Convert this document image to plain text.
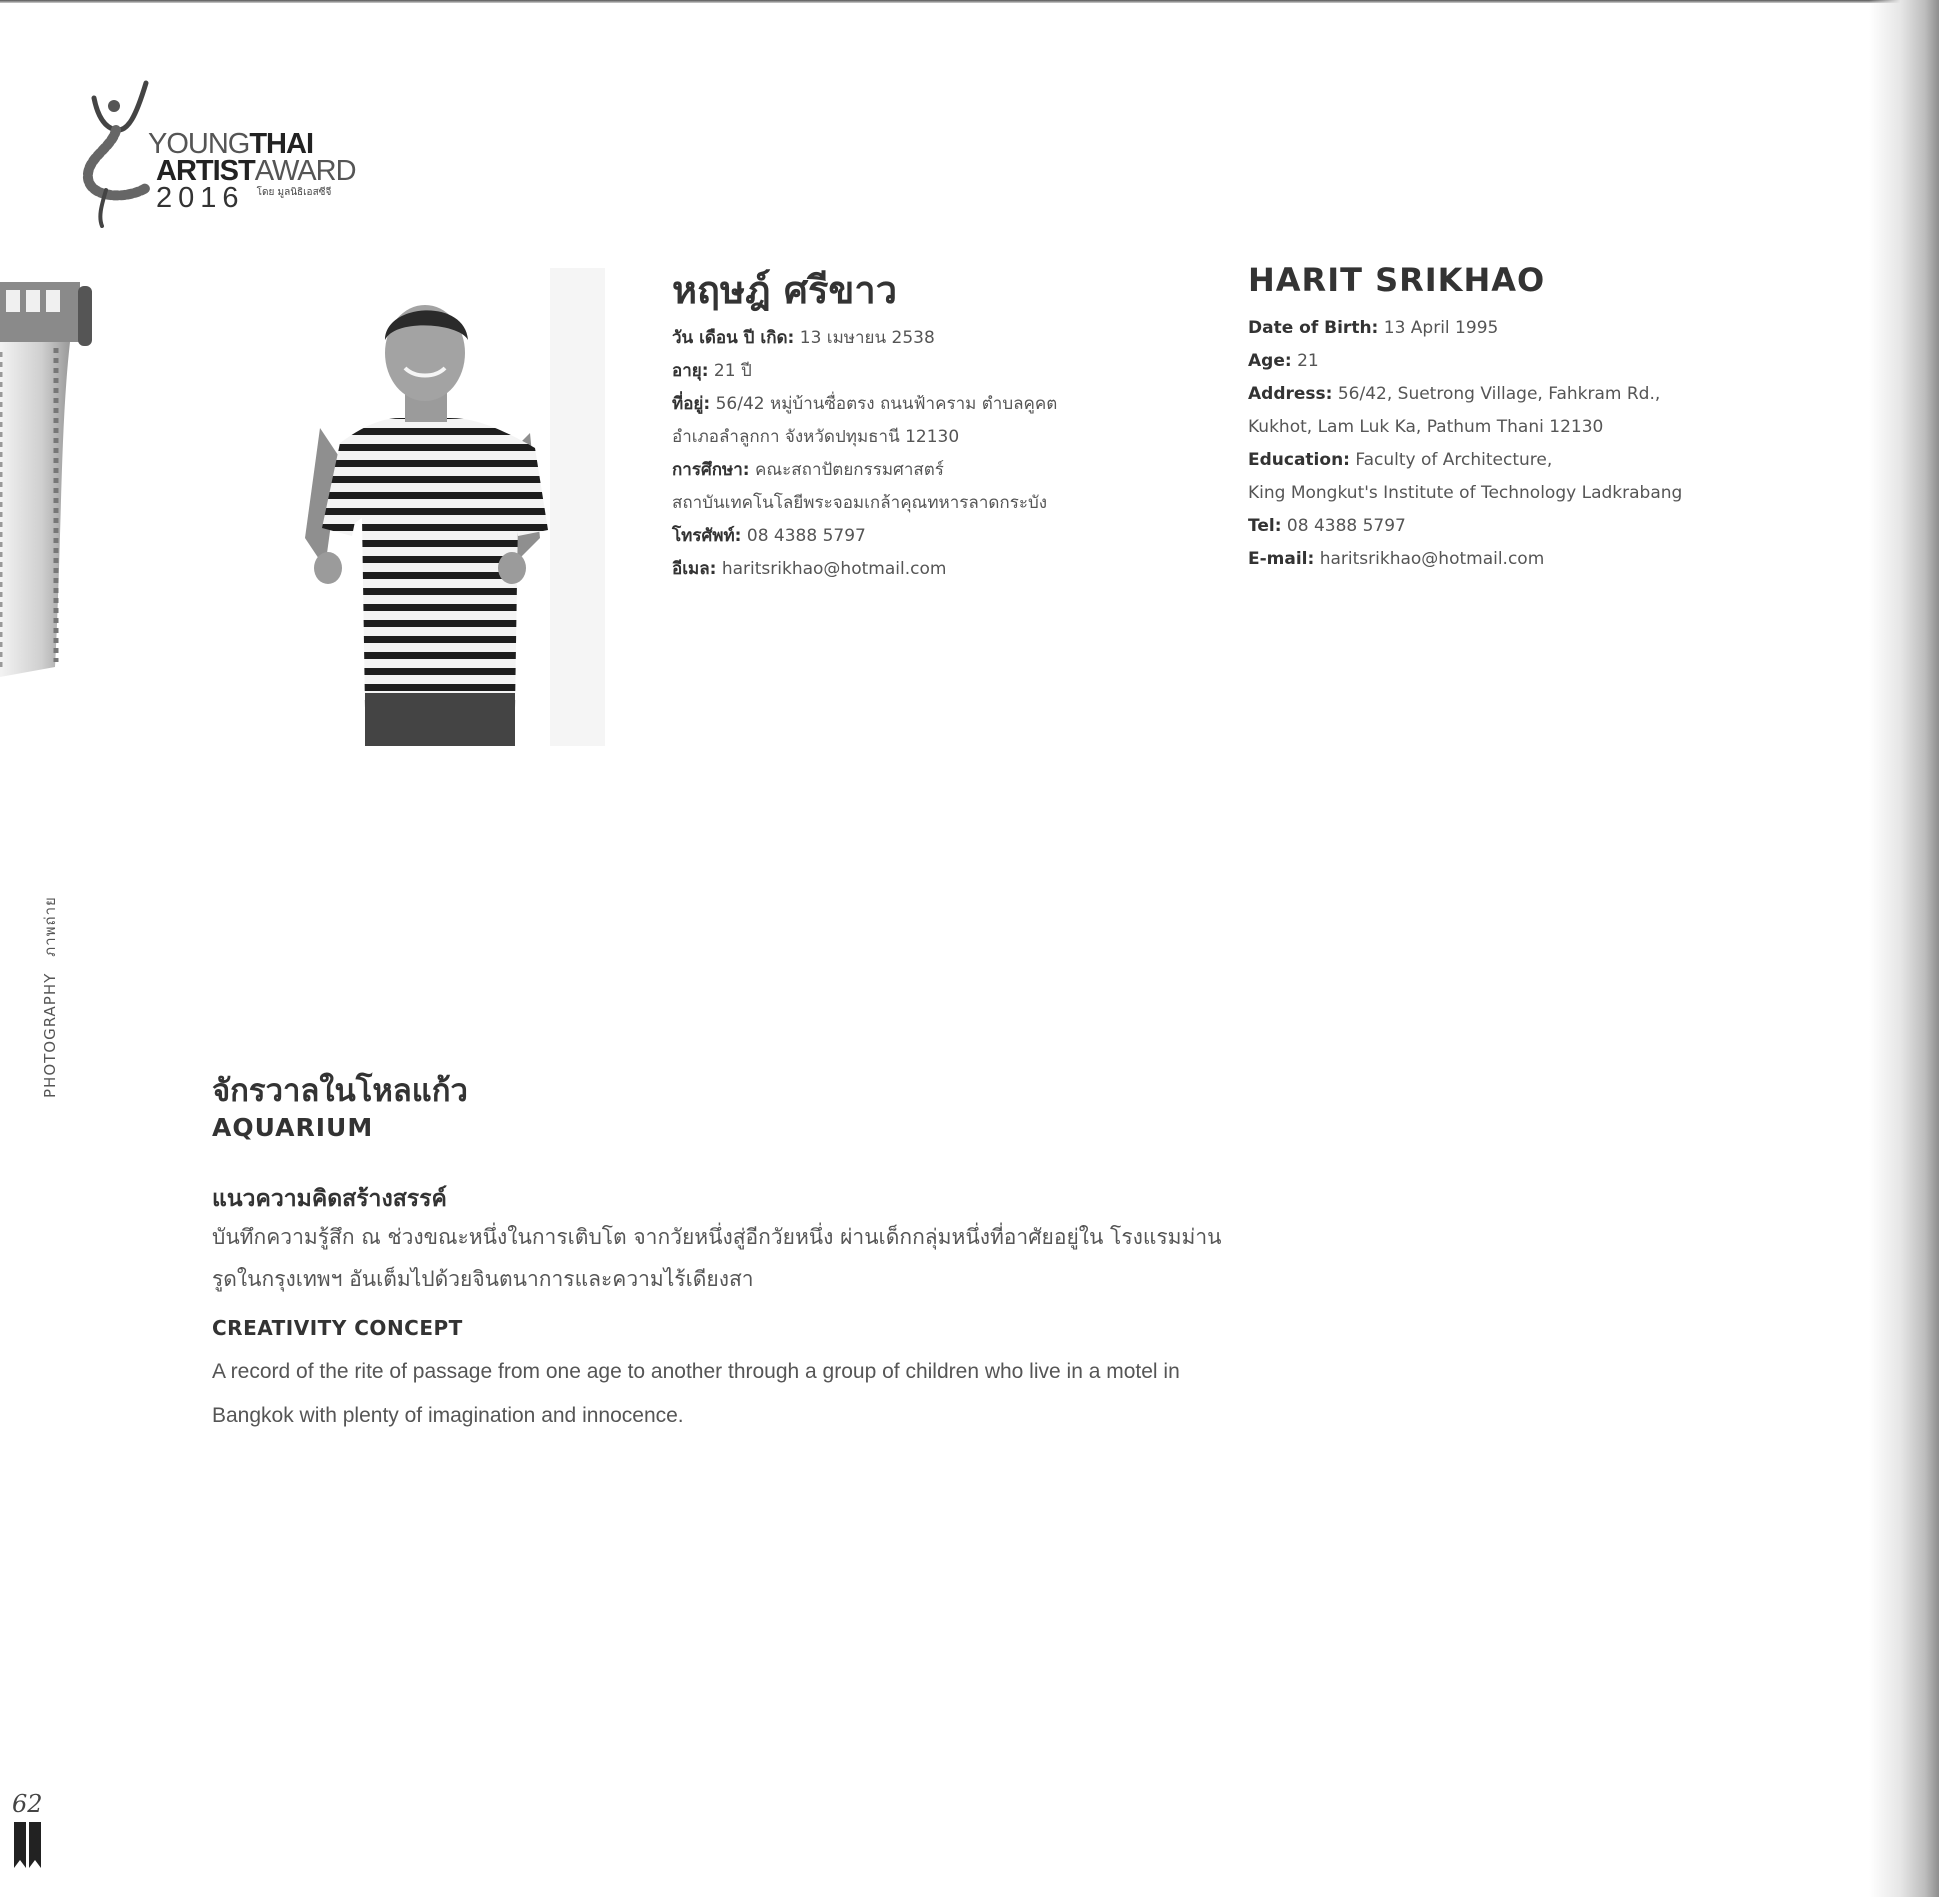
YOUNGTHAI
ARTISTAWARD
2016 $^{โดย มูลนิธิเอสซีจี}$
หฤษฎ์ ศรีขาว
วัน เดือน ปี เกิด: 13 เมษายน 2538
อายุ: 21 ปี
ที่อยู่: 56/42 หมู่บ้านซื่อตรง ถนนฟ้าคราม ตำบลคูคต
อำเภอลำลูกกา จังหวัดปทุมธานี 12130
การศึกษา: คณะสถาปัตยกรรมศาสตร์
สถาบันเทคโนโลยีพระจอมเกล้าคุณทหารลาดกระบัง
โทรศัพท์: 08 4388 5797
อีเมล: haritsrikhao@hotmail.com
HARIT SRIKHAO
Date of Birth: 13 April 1995
Age: 21
Address: 56/42, Suetrong Village, Fahkram Rd.,
Kukhot, Lam Luk Ka, Pathum Thani 12130
Education: Faculty of Architecture,
King Mongkut's Institute of Technology Ladkrabang
Tel: 08 4388 5797
E-mail: haritsrikhao@hotmail.com
PHOTOGRAPHYภาพถ่าย
จักรวาลในโหลแก้ว
AQUARIUM
แนวความคิดสร้างสรรค์
บันทึกความรู้สึก ณ ช่วงขณะหนึ่งในการเติบโต จากวัยหนึ่งสู่อีกวัยหนึ่ง ผ่านเด็กกลุ่มหนึ่งที่อาศัยอยู่ใน โรงแรมม่านรูดในกรุงเทพฯ อันเต็มไปด้วยจินตนาการและความไร้เดียงสา
CREATIVITY CONCEPT
A record of the rite of passage from one age to another through a group of children who live in a motel in Bangkok with plenty of imagination and innocence.
62
